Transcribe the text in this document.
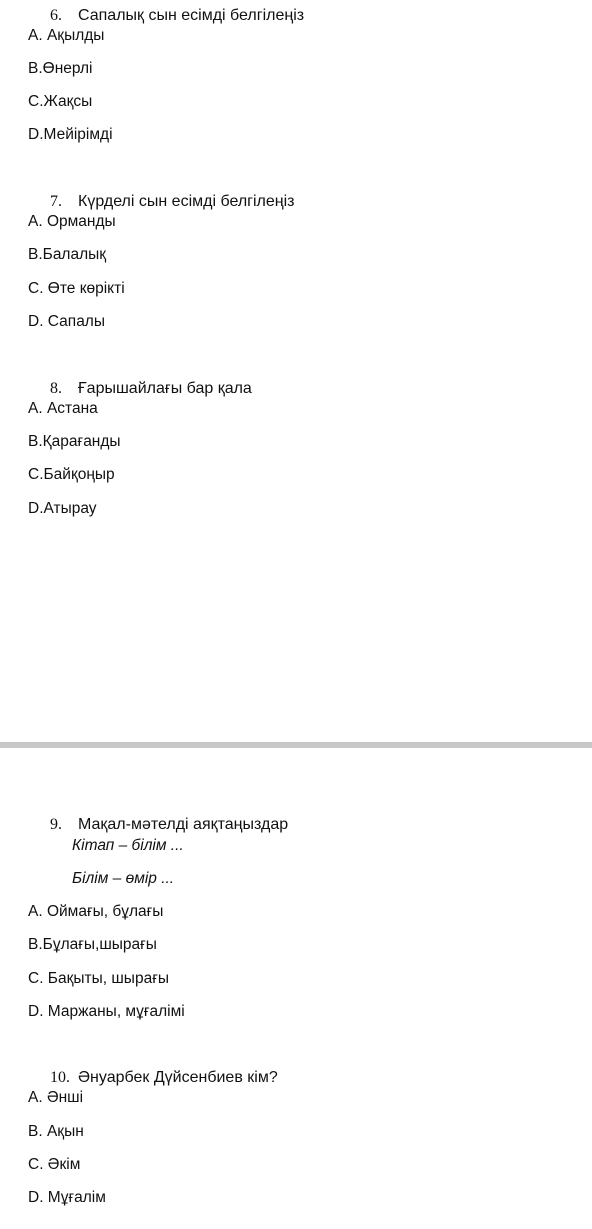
6. Сапалық сын есімді белгілеңіз
A. Ақылды
B.Өнерлі
C.Жақсы
D.Мейірімді
7. Күрделі сын есімді белгілеңіз
A. Орманды
B.Балалық
C. Өте көрікті
D. Сапалы
8. Ғарышайлағы бар қала
A. Астана
B.Қарағанды
C.Байқоңыр
D.Атырау
9. Мақал-мәтелді аяқтаңыздар
Кітап – білім ...
Білім – өмір ...
A. Оймағы, бұлағы
B.Бұлағы,шырағы
C. Бақыты, шырағы
D. Маржаны, мұғалімі
10. Әнуарбек Дүйсенбиев кім?
A. Әнші
B. Ақын
C. Әкім
D. Мұғалім
